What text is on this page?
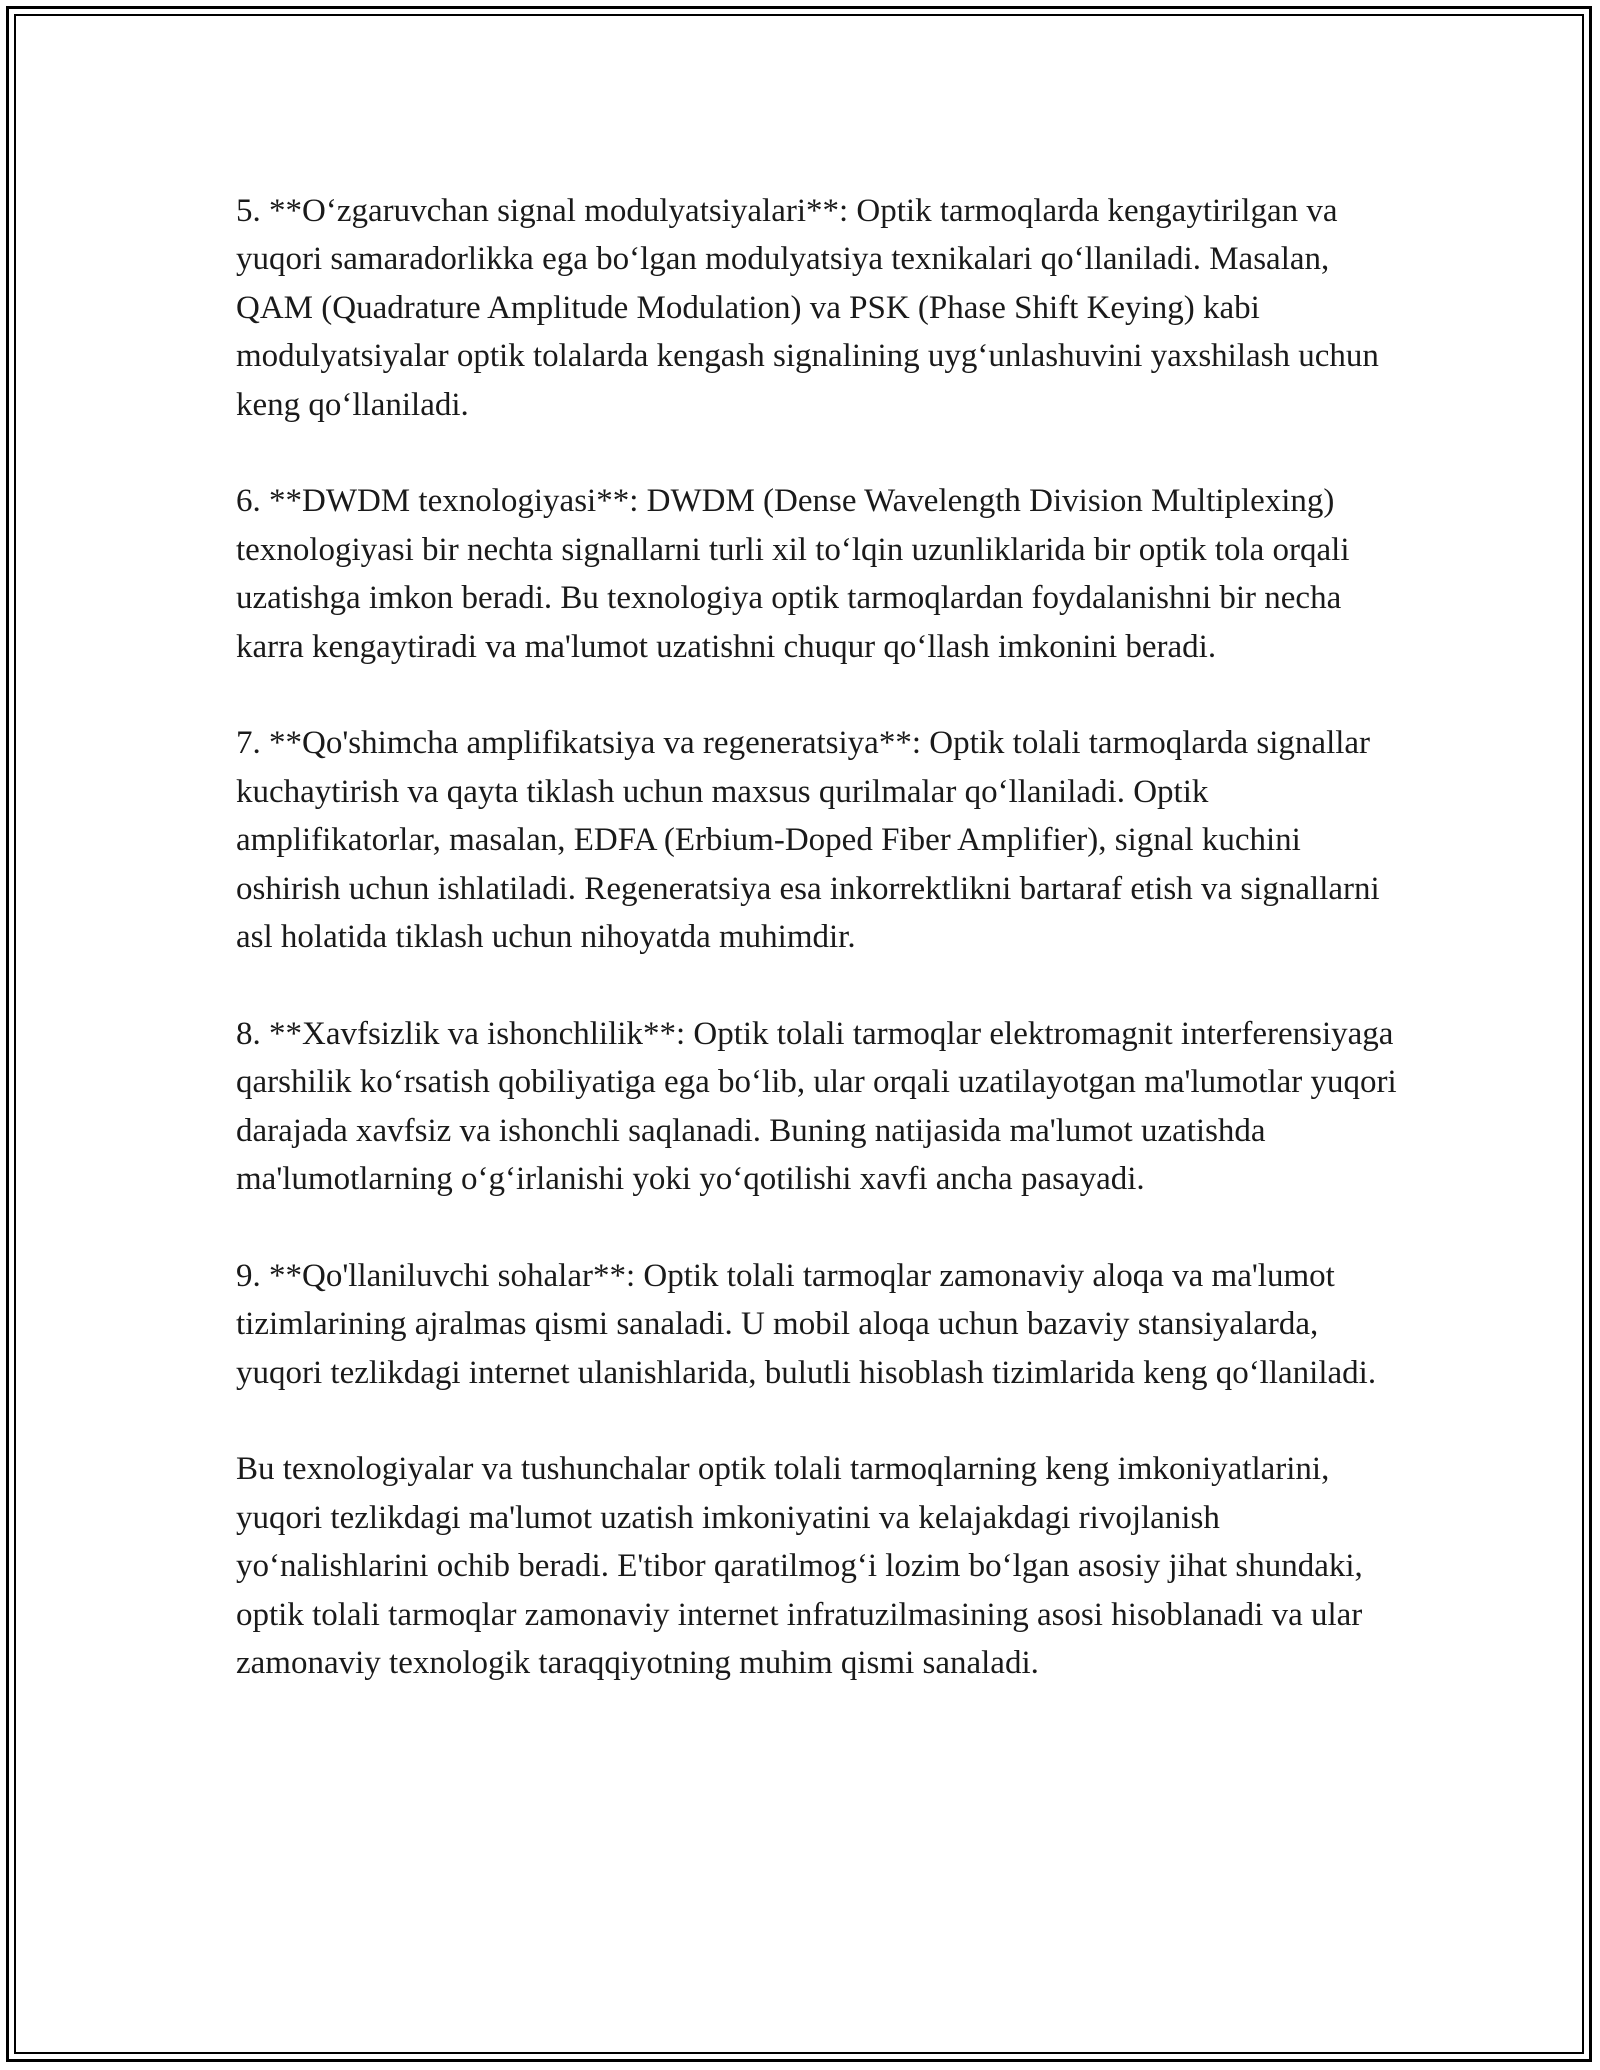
5. **Oʻzgaruvchan signal modulyatsiyalari**: Optik tarmoqlarda kengaytirilgan va yuqori samaradorlikka ega boʻlgan modulyatsiya texnikalari qoʻllaniladi. Masalan, QAM (Quadrature Amplitude Modulation) va PSK (Phase Shift Keying) kabi modulyatsiyalar optik tolalarda kengash signalining uygʻunlashuvini yaxshilash uchun keng qoʻllaniladi.

6. **DWDM texnologiyasi**: DWDM (Dense Wavelength Division Multiplexing) texnologiyasi bir nechta signallarni turli xil toʻlqin uzunliklarida bir optik tola orqali uzatishga imkon beradi. Bu texnologiya optik tarmoqlardan foydalanishni bir necha karra kengaytiradi va ma'lumot uzatishni chuqur qoʻllash imkonini beradi.

7. **Qo'shimcha amplifikatsiya va regeneratsiya**: Optik tolali tarmoqlarda signallar kuchaytirish va qayta tiklash uchun maxsus qurilmalar qoʻllaniladi. Optik amplifikatorlar, masalan, EDFA (Erbium-Doped Fiber Amplifier), signal kuchini oshirish uchun ishlatiladi. Regeneratsiya esa inkorrektlikni bartaraf etish va signallarni asl holatida tiklash uchun nihoyatda muhimdir.

8. **Xavfsizlik va ishonchlilik**: Optik tolali tarmoqlar elektromagnit interferensiyaga qarshilik koʻrsatish qobiliyatiga ega boʻlib, ular orqali uzatilayotgan ma'lumotlar yuqori darajada xavfsiz va ishonchli saqlanadi. Buning natijasida ma'lumot uzatishda ma'lumotlarning oʻgʻirlanishi yoki yoʻqotilishi xavfi ancha pasayadi.

9. **Qo'llaniluvchi sohalar**: Optik tolali tarmoqlar zamonaviy aloqa va ma'lumot tizimlarining ajralmas qismi sanaladi. U mobil aloqa uchun bazaviy stansiyalarda, yuqori tezlikdagi internet ulanishlarida, bulutli hisoblash tizimlarida keng qoʻllaniladi.

Bu texnologiyalar va tushunchalar optik tolali tarmoqlarning keng imkoniyatlarini, yuqori tezlikdagi ma'lumot uzatish imkoniyatini va kelajakdagi rivojlanish yoʻnalishlarini ochib beradi. E'tibor qaratilmogʻi lozim boʻlgan asosiy jihat shundaki, optik tolali tarmoqlar zamonaviy internet infratuzilmasining asosi hisoblanadi va ular zamonaviy texnologik taraqqiyotning muhim qismi sanaladi.
